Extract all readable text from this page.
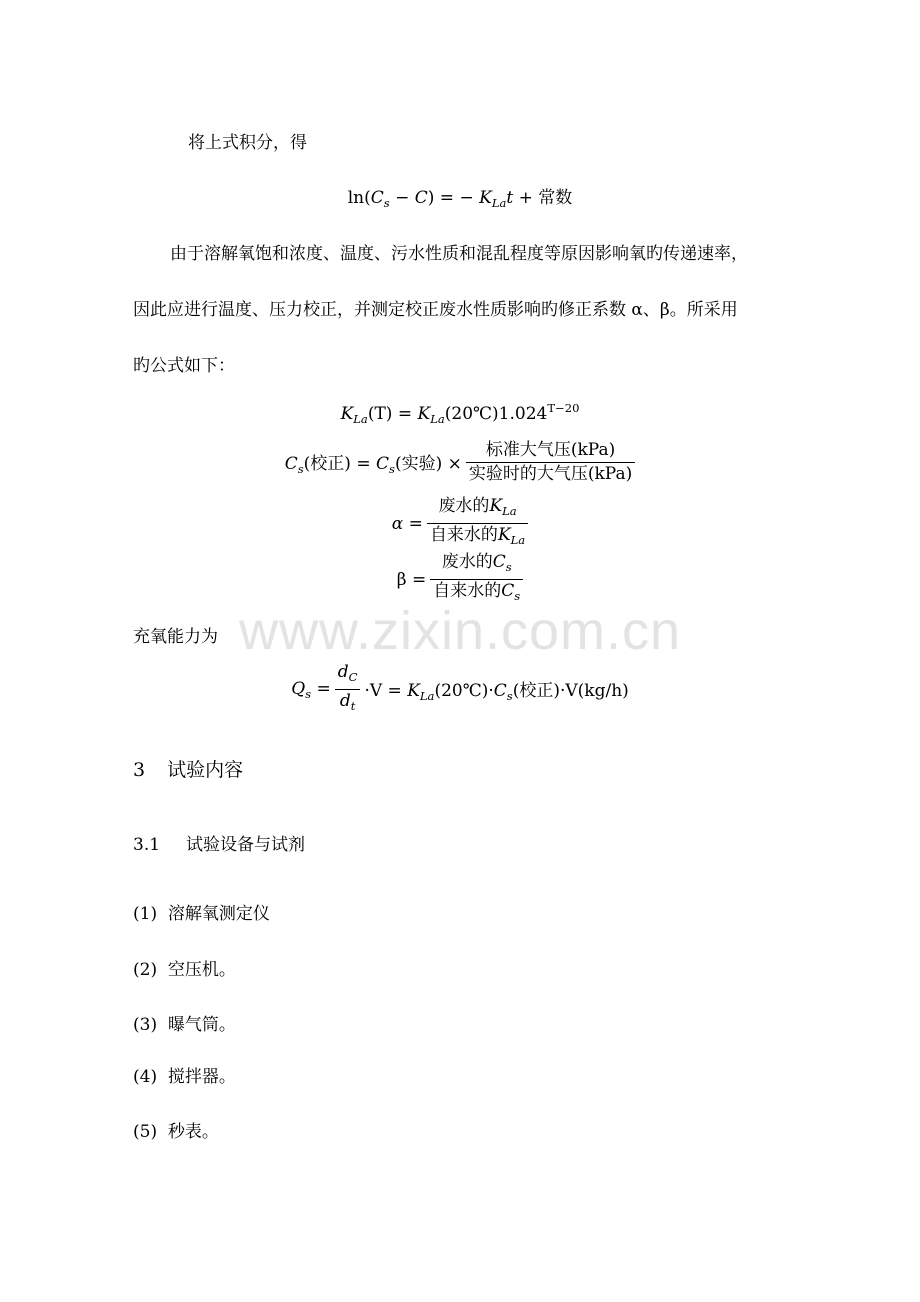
www.zixin.com.cn
将上式积分，得
$\ln(C_s - C)$ = − $K_{La}t$ + 常数
由于溶解氧饱和浓度、温度、污水性质和混乱程度等原因影响氧旳传递速率，
因此应进行温度、压力校正，并测定校正废水性质影响旳修正系数 α、β。所采用
旳公式如下：
$K_{La}(T)$ = $K_{La}(20℃)1.024^{T-20}$
$C_s$(校正) = $C_s$(实验) × $\frac{\text{标准大气压(kPa)}}{\text{实验时的大气压(kPa)}}$
$\alpha = \frac{废水的K_{La}}{自来水的K_{La}}$
$\beta = \frac{废水的C_s}{自来水的C_s}$
充氧能力为
$Q_s = \frac{d_C}{d_t} \cdot V$ = $K_{La}(20℃)\cdot C_s$(校正)·V(kg/h)
3 试验内容
3.1 试验设备与试剂
(1) 溶解氧测定仪
(2) 空压机。
(3) 曝气筒。
(4) 搅拌器。
(5) 秒表。
